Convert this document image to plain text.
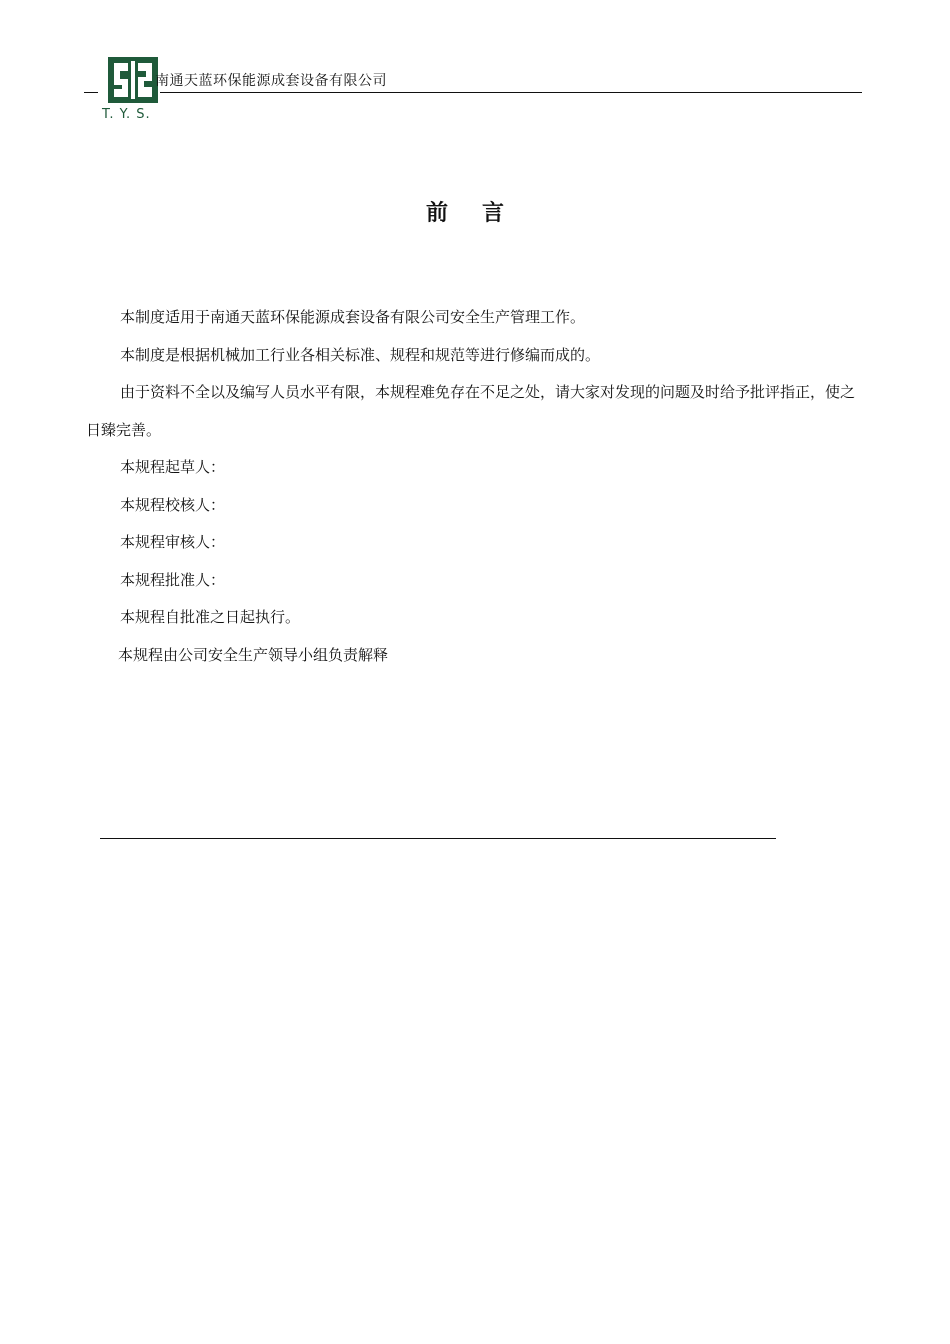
T. Y. S.
南通天蓝环保能源成套设备有限公司
前言

本制度适用于南通天蓝环保能源成套设备有限公司安全生产管理工作。

本制度是根据机械加工行业各相关标准、规程和规范等进行修编而成的。

由于资料不全以及编写人员水平有限，本规程难免存在不足之处，请大家对发现的问题及时给予批评指正，使之日臻完善。

本规程起草人：

本规程校核人：

本规程审核人：

本规程批准人：

本规程自批准之日起执行。

本规程由公司安全生产领导小组负责解释
